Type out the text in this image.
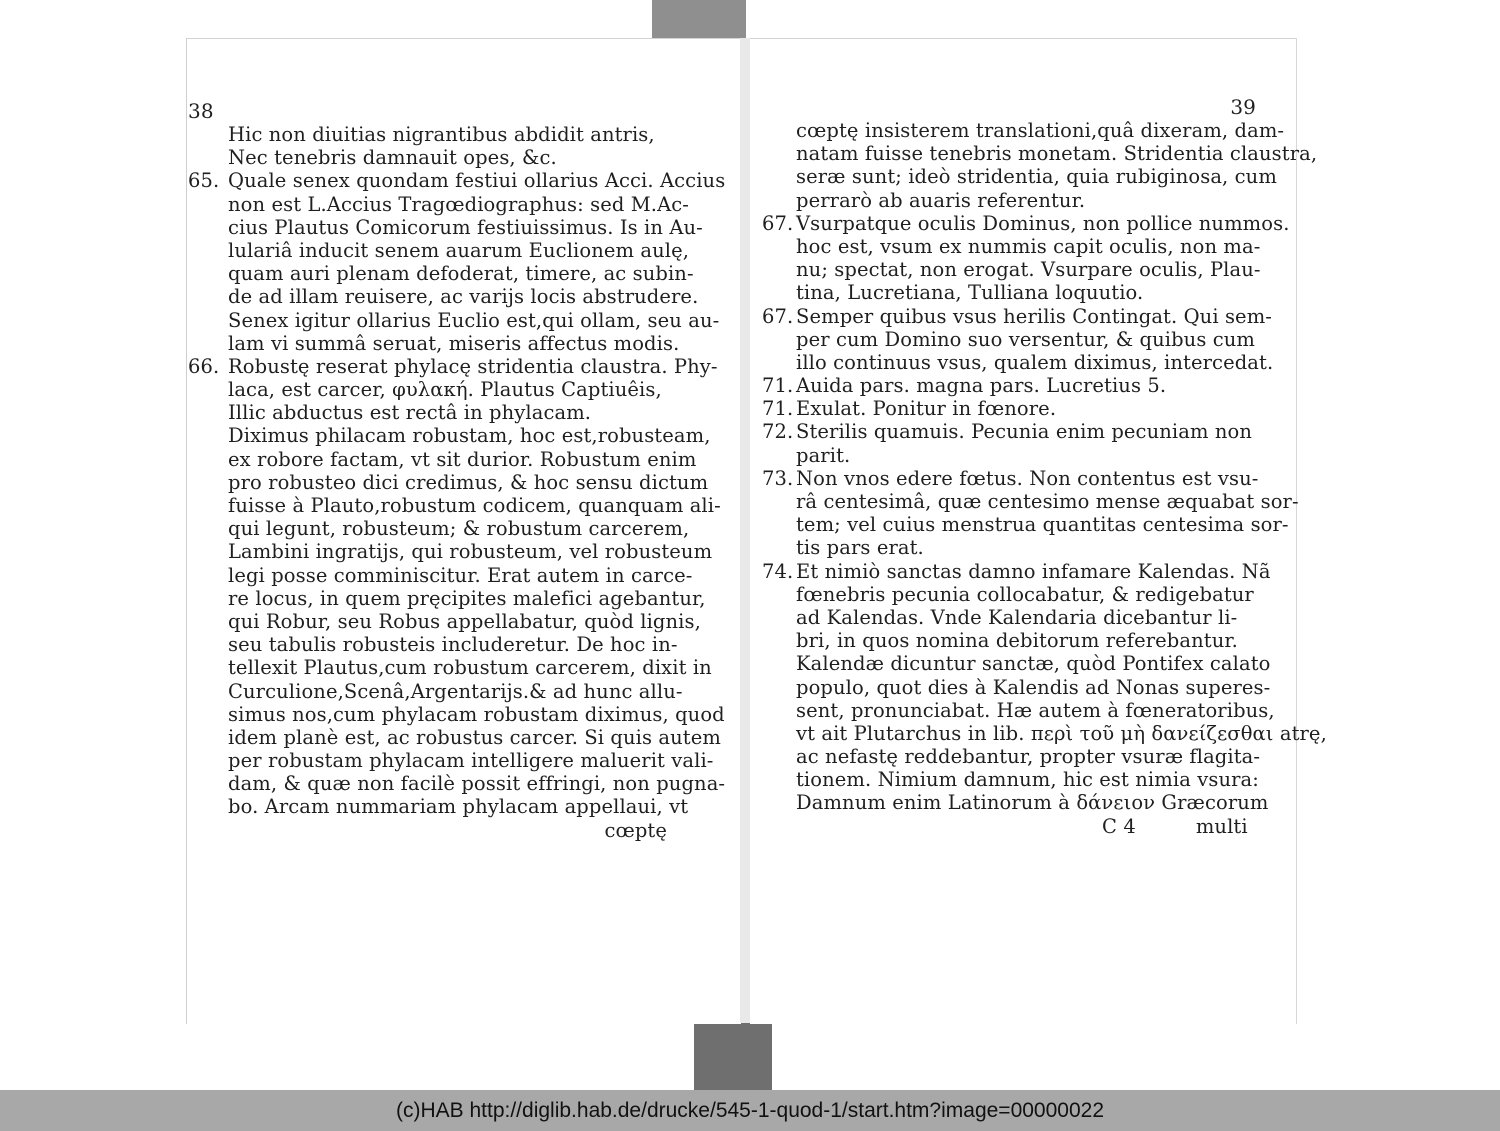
38
Hic non diuitias nigrantibus abdidit antris,
Nec tenebris damnauit opes, &c.
65. Quale senex quondam festiui ollarius Acci. Accius
non est L.Accius Tragœdiographus: sed M.Ac-
cius Plautus Comicorum festiuissimus. Is in Au-
lulariâ inducit senem auarum Euclionem aulę,
quam auri plenam defoderat, timere, ac subin-
de ad illam reuisere, ac varijs locis abstrudere.
Senex igitur ollarius Euclio est,qui ollam, seu au-
lam vi summâ seruat, miseris affectus modis.
66. Robustę reserat phylacę stridentia claustra. Phy-
laca, est carcer, φυλακή. Plautus Captiuêis,
Illic abductus est rectâ in phylacam.
Diximus philacam robustam, hoc est,robusteam,
ex robore factam, vt sit durior. Robustum enim
pro robusteo dici credimus, & hoc sensu dictum
fuisse à Plauto,robustum codicem, quanquam ali-
qui legunt, robusteum; & robustum carcerem,
Lambini ingratijs, qui robusteum, vel robusteum
legi posse comminiscitur. Erat autem in carce-
re locus, in quem pręcipites malefici agebantur,
qui Robur, seu Robus appellabatur, quòd lignis,
seu tabulis robusteis includeretur. De hoc in-
tellexit Plautus,cum robustum carcerem, dixit in
Curculione,Scenâ,Argentarijs.& ad hunc allu-
simus nos,cum phylacam robustam diximus, quod
idem planè est, ac robustus carcer. Si quis autem
per robustam phylacam intelligere maluerit vali-
dam, & quæ non facilè possit effringi, non pugna-
bo. Arcam nummariam phylacam appellaui, vt
cœptę
39
cœptę insisterem translationi,quâ dixeram, dam-
natam fuisse tenebris monetam. Stridentia claustra,
seræ sunt; ideò stridentia, quia rubiginosa, cum
perrarò ab auaris referentur.
67. Vsurpatque oculis Dominus, non pollice nummos.
hoc est, vsum ex nummis capit oculis, non ma-
nu; spectat, non erogat. Vsurpare oculis, Plau-
tina, Lucretiana, Tulliana loquutio.
67. Semper quibus vsus herilis Contingat. Qui sem-
per cum Domino suo versentur, & quibus cum
illo continuus vsus, qualem diximus, intercedat.
71. Auida pars. magna pars. Lucretius 5.
71. Exulat. Ponitur in fœnore.
72. Sterilis quamuis. Pecunia enim pecuniam non
parit.
73. Non vnos edere fœtus. Non contentus est vsu-
râ centesimâ, quæ centesimo mense æquabat sor-
tem; vel cuius menstrua quantitas centesima sor-
tis pars erat.
74. Et nimiò sanctas damno infamare Kalendas. Nã
fœnebris pecunia collocabatur, & redigebatur
ad Kalendas. Vnde Kalendaria dicebantur li-
bri, in quos nomina debitorum referebantur.
Kalendæ dicuntur sanctæ, quòd Pontifex calato
populo, quot dies à Kalendis ad Nonas superes-
sent, pronunciabat. Hæ autem à fœneratoribus,
vt ait Plutarchus in lib. περὶ τοῦ μὴ δανείζεσθαι atrę,
ac nefastę reddebantur, propter vsuræ flagita-
tionem. Nimium damnum, hic est nimia vsura:
Damnum enim Latinorum à δάνειον Græcorum
C 4	multi
(c)HAB http://diglib.hab.de/drucke/545-1-quod-1/start.htm?image=00000022
